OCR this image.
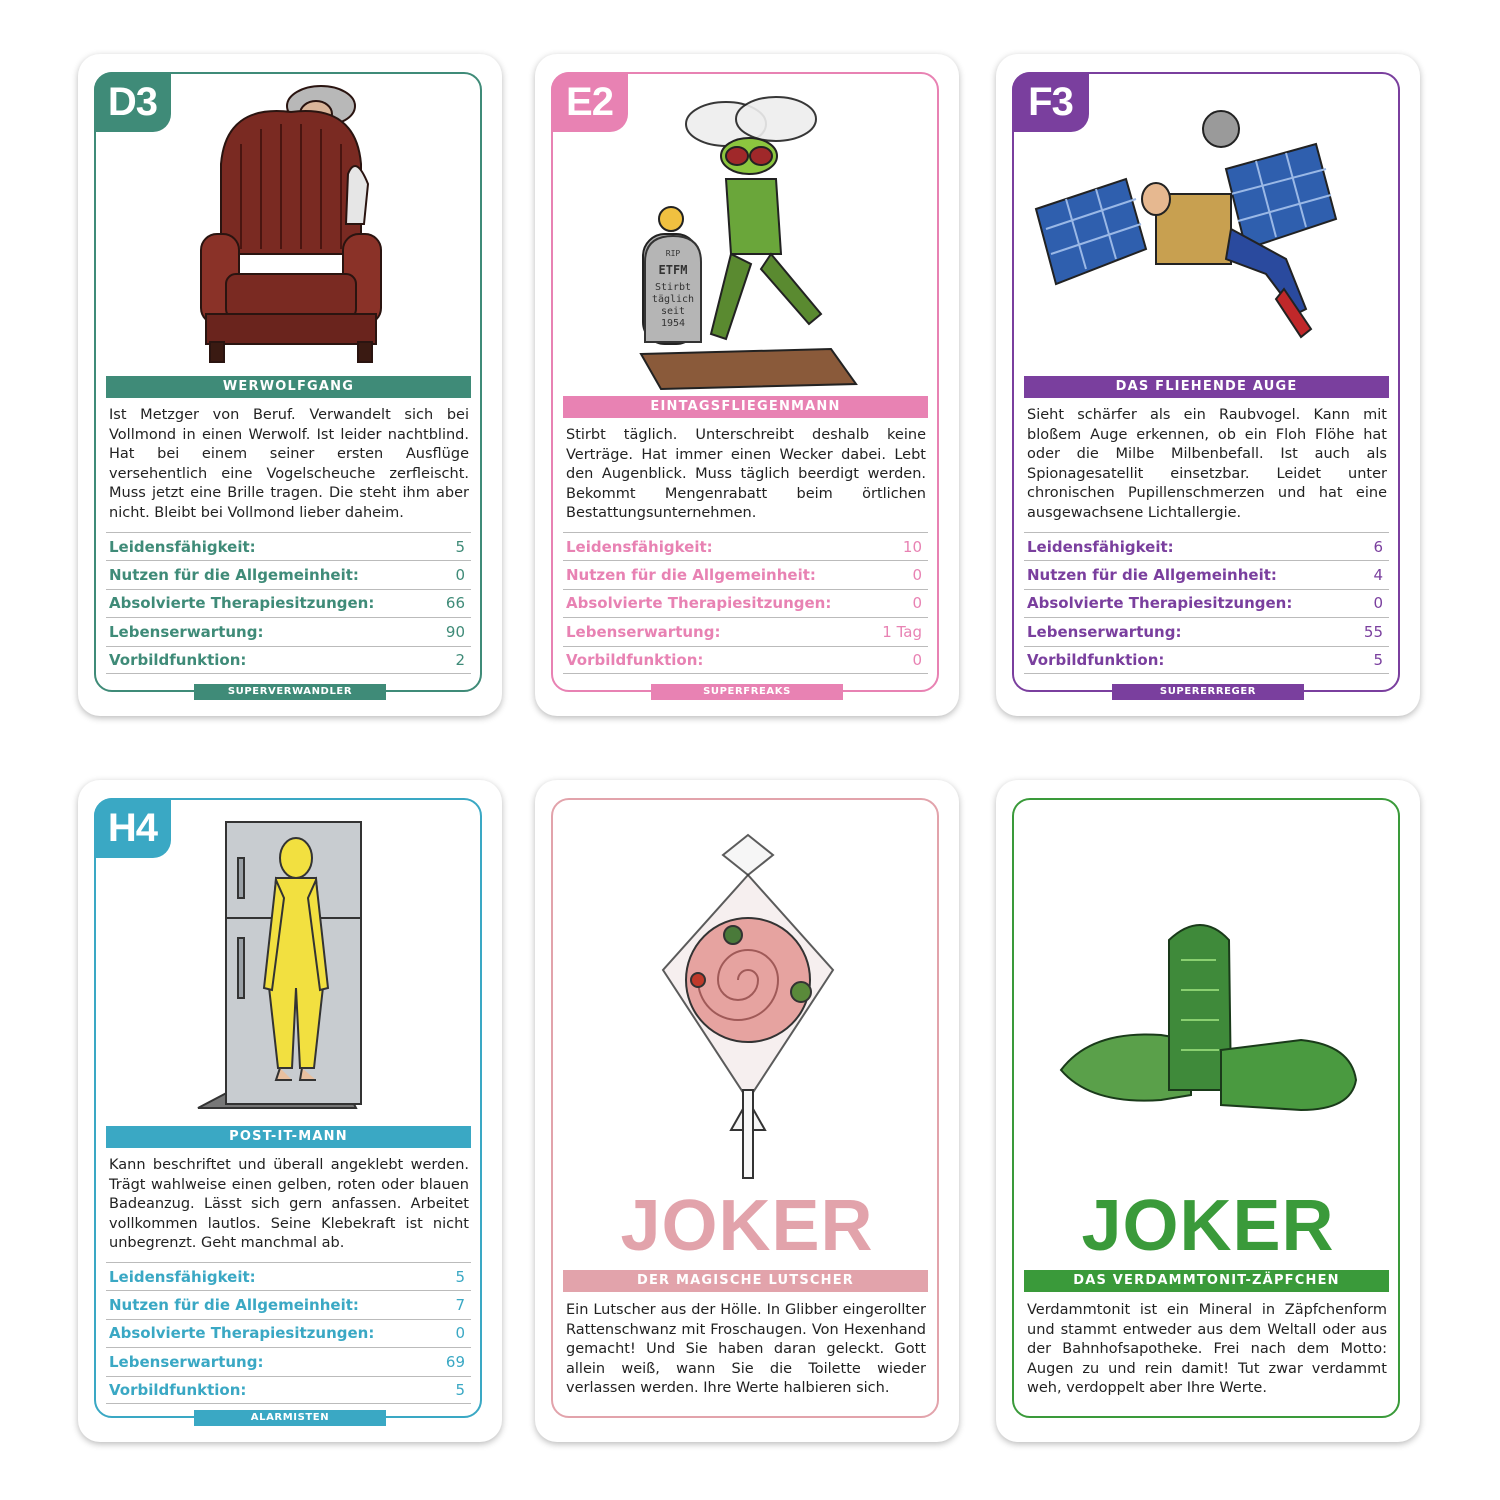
D3
WERWOLFGANG
Ist Metzger von Beruf. Verwandelt sich bei Vollmond in einen Werwolf. Ist leider nachtblind. Hat bei einem seiner ersten Ausflüge versehentlich eine Vogelscheuche zerfleischt. Muss jetzt eine Brille tragen. Die steht ihm aber nicht. Bleibt bei Vollmond lieber daheim.
Leidensfähigkeit:	5
Nutzen für die Allgemeinheit:	0
Absolvierte Therapiesitzungen:	66
Lebenserwartung:	90
Vorbildfunktion:	2
SUPERVERWANDLER
E2
RIP
ETFM
Stirbt
täglich
seit
1954
EINTAGSFLIEGENMANN
Stirbt täglich. Unterschreibt deshalb keine Verträge. Hat immer einen Wecker dabei. Lebt den Augenblick. Muss täglich beerdigt werden. Bekommt Mengenrabatt beim örtlichen Bestattungsunternehmen.
Leidensfähigkeit:	10
Nutzen für die Allgemeinheit:	0
Absolvierte Therapiesitzungen:	0
Lebenserwartung:	1 Tag
Vorbildfunktion:	0
SUPERFREAKS
F3
DAS FLIEHENDE AUGE
Sieht schärfer als ein Raubvogel. Kann mit bloßem Auge erkennen, ob ein Floh Flöhe hat oder die Milbe Milbenbefall. Ist auch als Spionagesatellit einsetzbar. Leidet unter chronischen Pupillenschmerzen und hat eine ausgewachsene Lichtallergie.
Leidensfähigkeit:	6
Nutzen für die Allgemeinheit:	4
Absolvierte Therapiesitzungen:	0
Lebenserwartung:	55
Vorbildfunktion:	5
SUPERERREGER
H4
POST-IT-MANN
Kann beschriftet und überall angeklebt werden. Trägt wahlweise einen gelben, roten oder blauen Badeanzug. Lässt sich gern anfassen. Arbeitet vollkommen lautlos. Seine Klebekraft ist nicht unbegrenzt. Geht manchmal ab.
Leidensfähigkeit:	5
Nutzen für die Allgemeinheit:	7
Absolvierte Therapiesitzungen:	0
Lebenserwartung:	69
Vorbildfunktion:	5
ALARMISTEN
JOKER
DER MAGISCHE LUTSCHER
Ein Lutscher aus der Hölle. In Glibber eingerollter Rattenschwanz mit Froschaugen. Von Hexenhand gemacht! Und Sie haben daran geleckt. Gott allein weiß, wann Sie die Toilette wieder verlassen werden. Ihre Werte halbieren sich.
JOKER
DAS VERDAMMTONIT-ZÄPFCHEN
Verdammtonit ist ein Mineral in Zäpfchenform und stammt entweder aus dem Weltall oder aus der Bahnhofsapotheke. Frei nach dem Motto: Augen zu und rein damit! Tut zwar verdammt weh, verdoppelt aber Ihre Werte.
